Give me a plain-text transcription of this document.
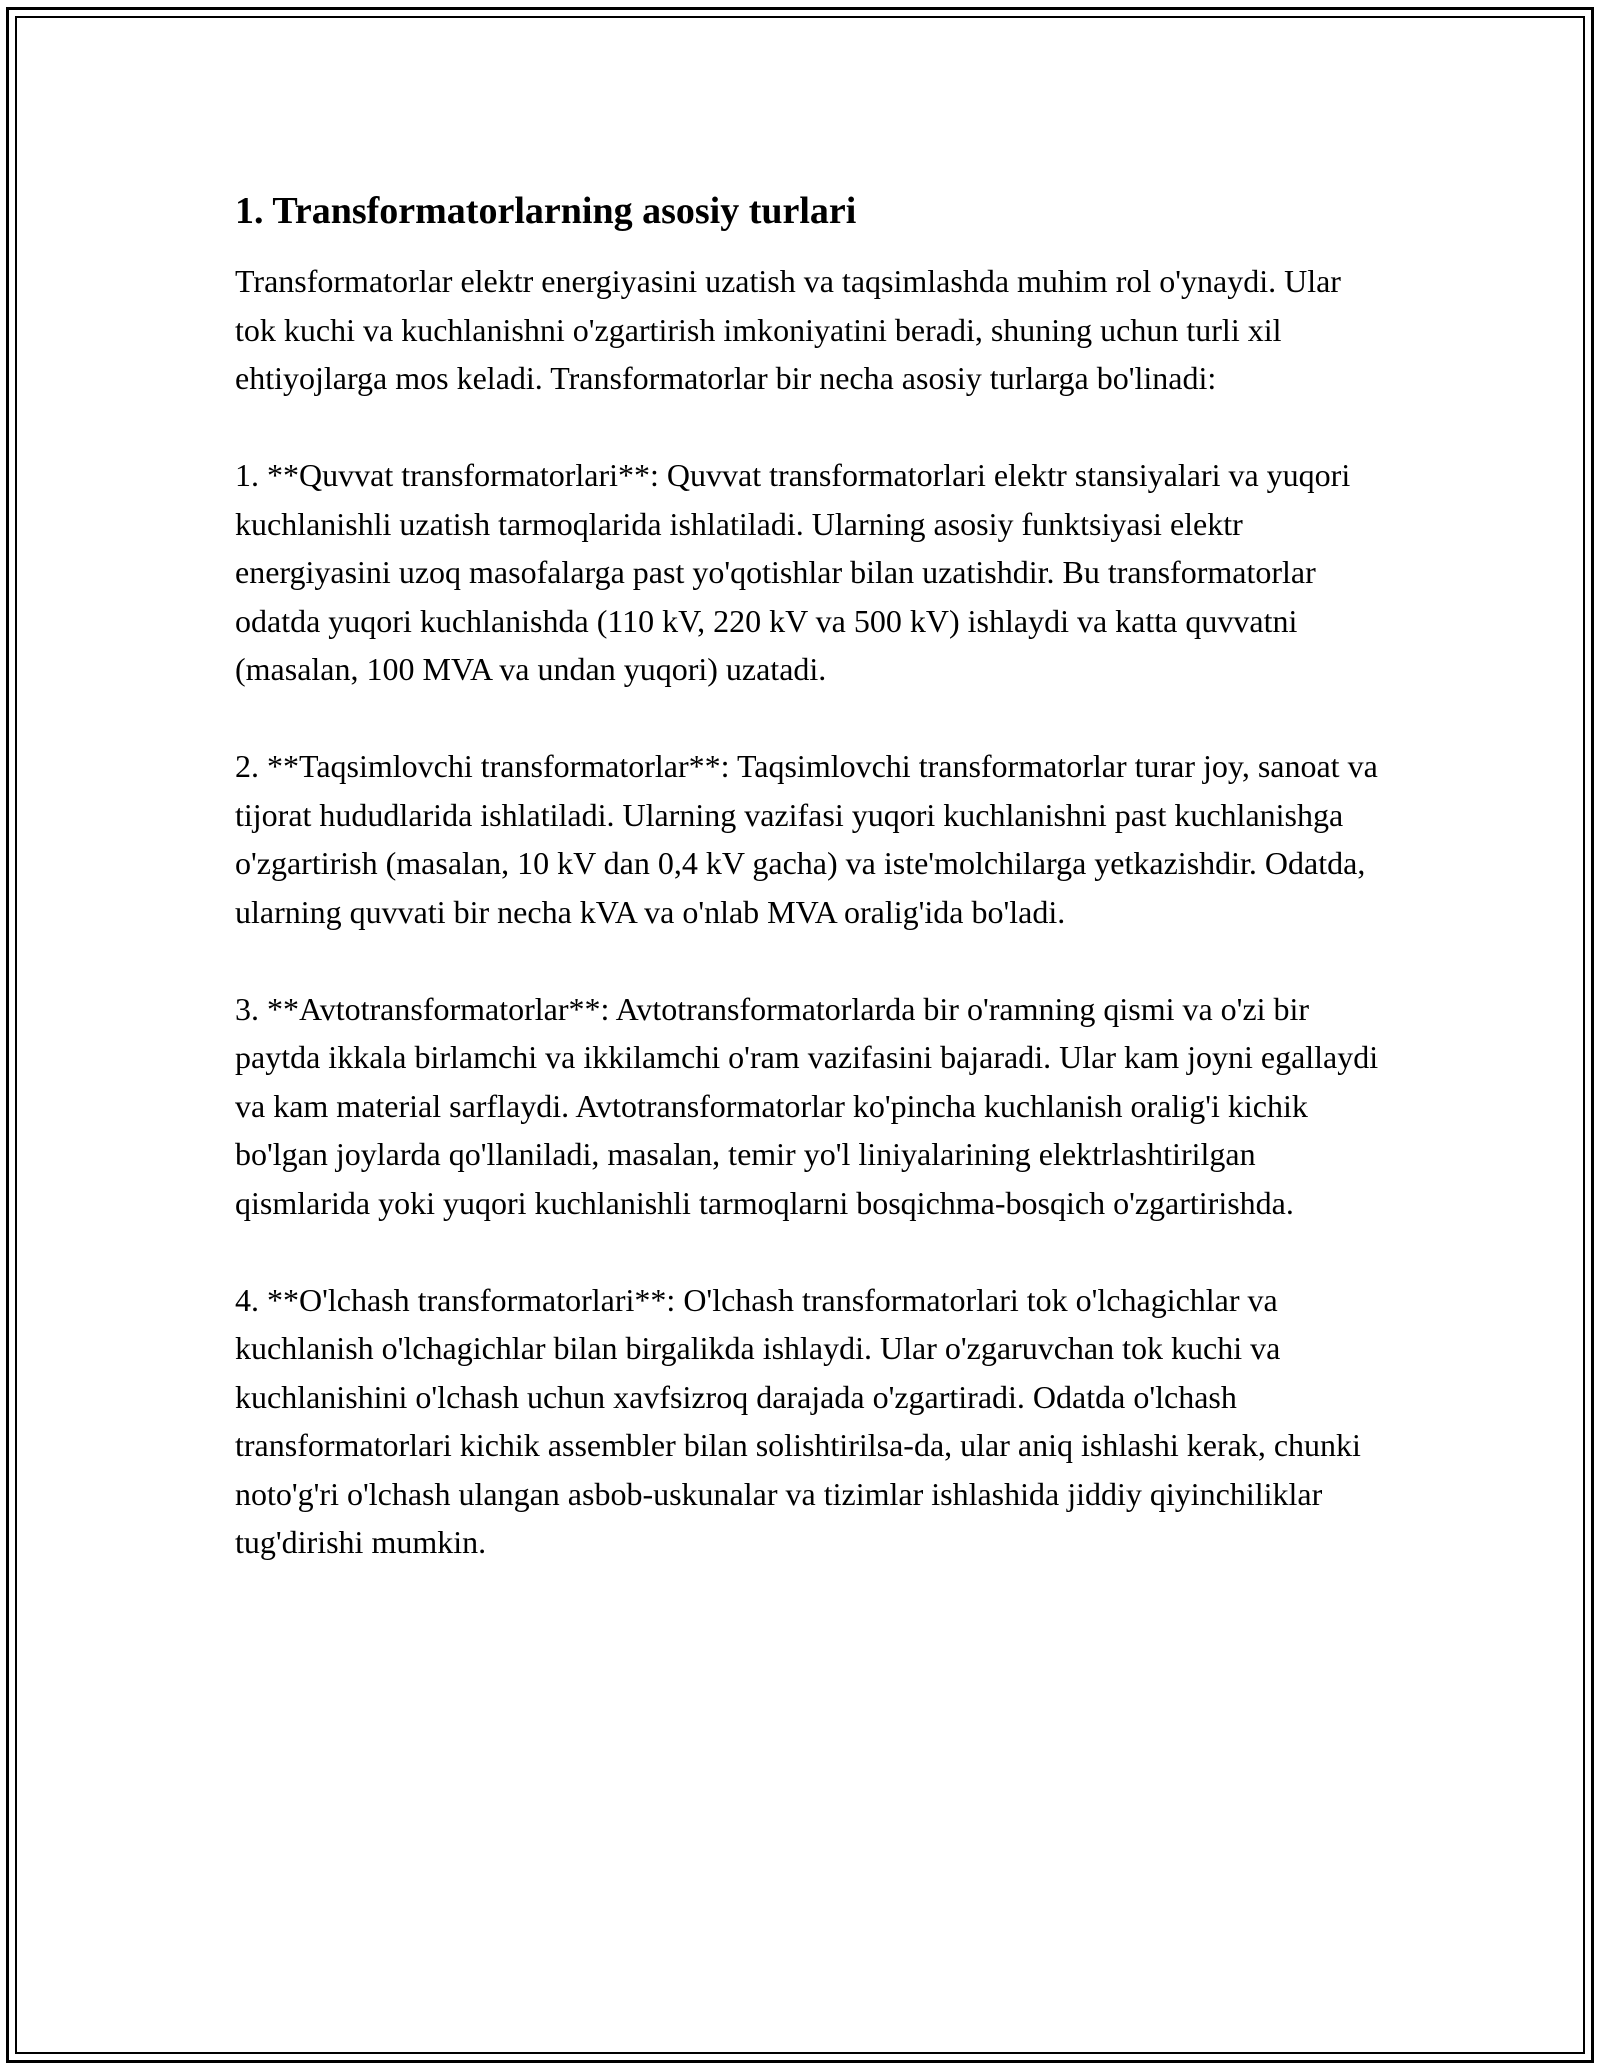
1. Transformatorlarning asosiy turlari

Transformatorlar elektr energiyasini uzatish va taqsimlashda muhim rol o'ynaydi. Ular tok kuchi va kuchlanishni o'zgartirish imkoniyatini beradi, shuning uchun turli xil ehtiyojlarga mos keladi. Transformatorlar bir necha asosiy turlarga bo'linadi:

1. **Quvvat transformatorlari**: Quvvat transformatorlari elektr stansiyalari va yuqori kuchlanishli uzatish tarmoqlarida ishlatiladi. Ularning asosiy funktsiyasi elektr energiyasini uzoq masofalarga past yo'qotishlar bilan uzatishdir. Bu transformatorlar odatda yuqori kuchlanishda (110 kV, 220 kV va 500 kV) ishlaydi va katta quvvatni (masalan, 100 MVA va undan yuqori) uzatadi.

2. **Taqsimlovchi transformatorlar**: Taqsimlovchi transformatorlar turar joy, sanoat va tijorat hududlarida ishlatiladi. Ularning vazifasi yuqori kuchlanishni past kuchlanishga o'zgartirish (masalan, 10 kV dan 0,4 kV gacha) va iste'molchilarga yetkazishdir. Odatda, ularning quvvati bir necha kVA va o'nlab MVA oralig'ida bo'ladi.

3. **Avtotransformatorlar**: Avtotransformatorlarda bir o'ramning qismi va o'zi bir paytda ikkala birlamchi va ikkilamchi o'ram vazifasini bajaradi. Ular kam joyni egallaydi va kam material sarflaydi. Avtotransformatorlar ko'pincha kuchlanish oralig'i kichik bo'lgan joylarda qo'llaniladi, masalan, temir yo'l liniyalarining elektrlashtirilgan qismlarida yoki yuqori kuchlanishli tarmoqlarni bosqichma-bosqich o'zgartirishda.

4. **O'lchash transformatorlari**: O'lchash transformatorlari tok o'lchagichlar va kuchlanish o'lchagichlar bilan birgalikda ishlaydi. Ular o'zgaruvchan tok kuchi va kuchlanishini o'lchash uchun xavfsizroq darajada o'zgartiradi. Odatda o'lchash transformatorlari kichik assembler bilan solishtirilsa-da, ular aniq ishlashi kerak, chunki noto'g'ri o'lchash ulangan asbob-uskunalar va tizimlar ishlashida jiddiy qiyinchiliklar tug'dirishi mumkin.
